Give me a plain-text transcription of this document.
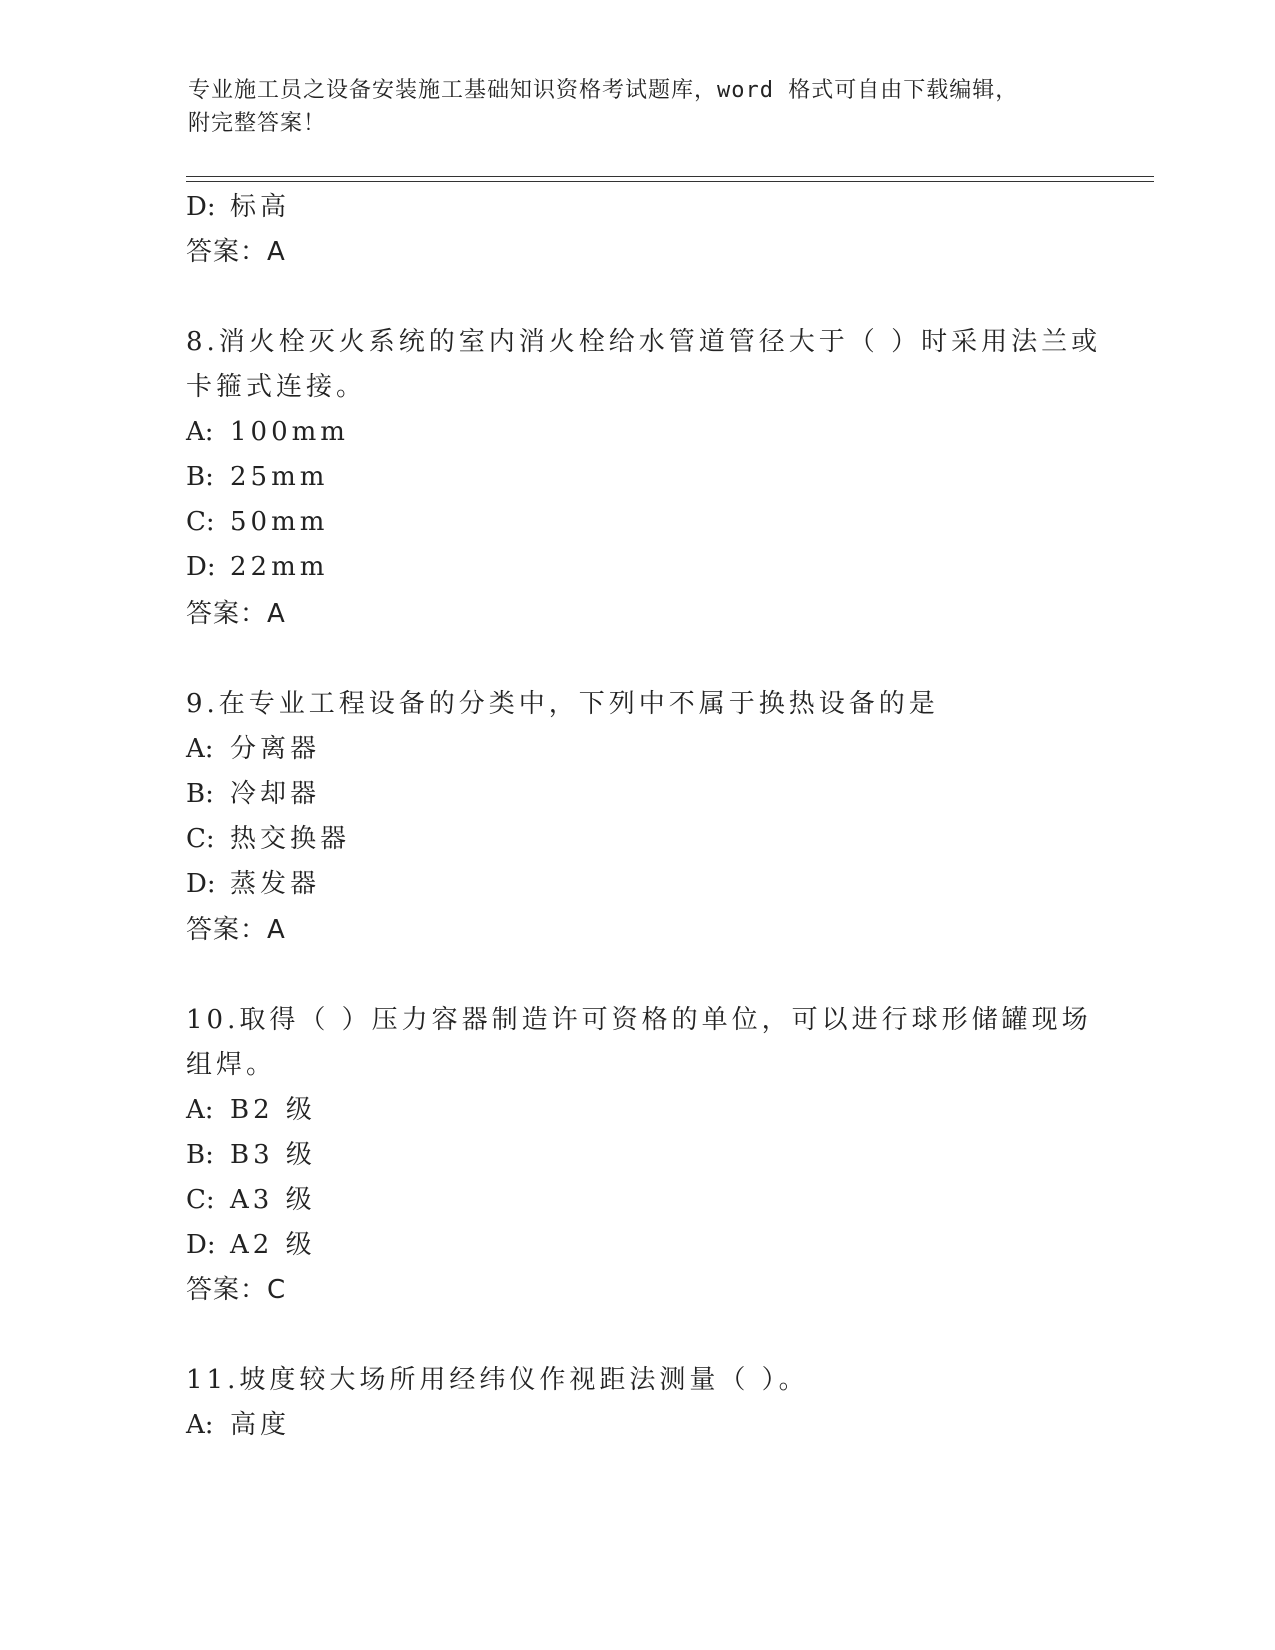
专业施工员之设备安装施工基础知识资格考试题库，word 格式可自由下载编辑，
附完整答案！
D: 标高
答案：A
8.消火栓灭火系统的室内消火栓给水管道管径大于（ ）时采用法兰或
卡箍式连接。
A: 100mm
B: 25mm
C: 50mm
D: 22mm
答案：A
9.在专业工程设备的分类中，下列中不属于换热设备的是
A: 分离器
B: 冷却器
C: 热交换器
D: 蒸发器
答案：A
10.取得（ ）压力容器制造许可资格的单位，可以进行球形储罐现场
组焊。
A: B2 级
B: B3 级
C: A3 级
D: A2 级
答案：C
11.坡度较大场所用经纬仪作视距法测量（ ）。
A: 高度
